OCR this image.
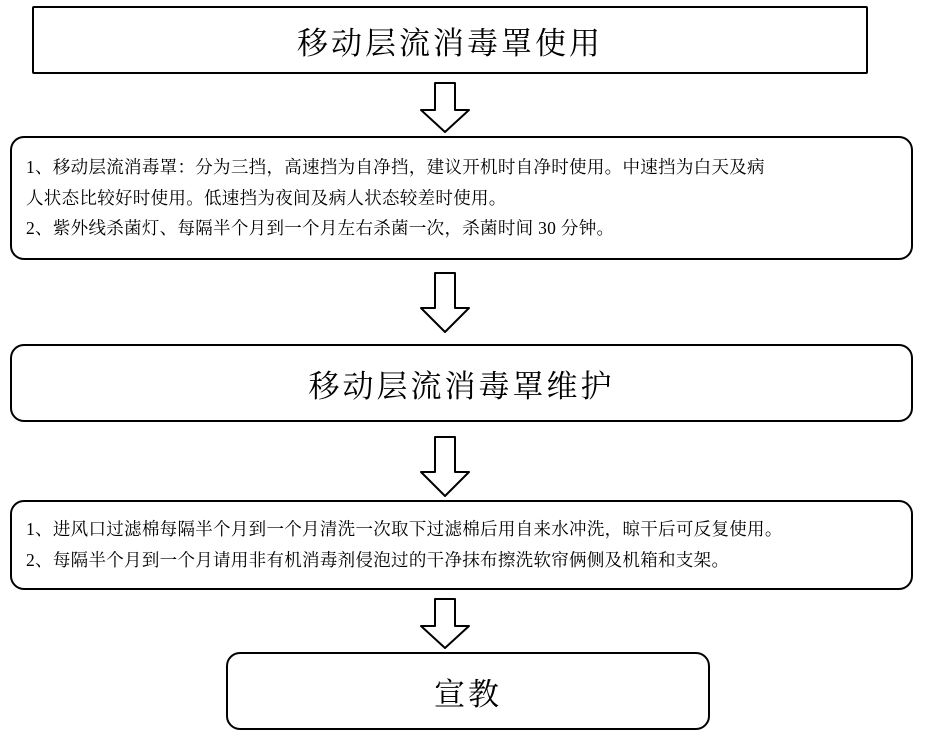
移动层流消毒罩使用
1、移动层流消毒罩：分为三挡，高速挡为自净挡，建议开机时自净时使用。中速挡为白天及病
人状态比较好时使用。低速挡为夜间及病人状态较差时使用。
2、紫外线杀菌灯、每隔半个月到一个月左右杀菌一次，杀菌时间 30 分钟。
移动层流消毒罩维护
1、进风口过滤棉每隔半个月到一个月清洗一次取下过滤棉后用自来水冲洗，晾干后可反复使用。
2、每隔半个月到一个月请用非有机消毒剂侵泡过的干净抹布擦洗软帘俩侧及机箱和支架。
宣教
